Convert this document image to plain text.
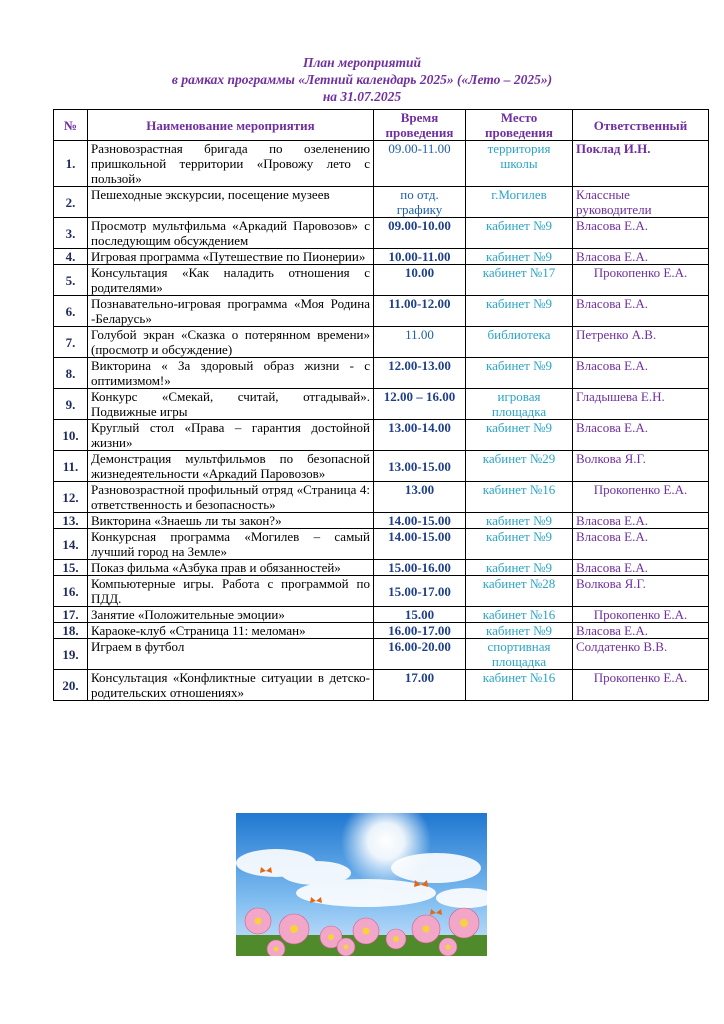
План мероприятий
в рамках программы «Летний календарь 2025» («Лето – 2025»)
на 31.07.2025
№	Наименование мероприятия	Время проведения	Место проведения	Ответственный
1.	Разновозрастная бригада по озеленению пришкольной территории «Провожу лето с пользой»	09.00-11.00	территория школы	Поклад И.Н.
2.	Пешеходные экскурсии, посещение музеев	по отд. графику	г.Могилев	Классные руководители
3.	Просмотр мультфильма «Аркадий Паровозов» с последующим обсуждением	09.00-10.00	кабинет №9	Власова Е.А.
4.	Игровая программа «Путешествие по Пионерии»	10.00-11.00	кабинет №9	Власова Е.А.
5.	Консультация «Как наладить отношения с родителями»	10.00	кабинет №17	Прокопенко Е.А.
6.	Познавательно-игровая программа «Моя Родина -Беларусь»	11.00-12.00	кабинет №9	Власова Е.А.
7.	Голубой экран «Сказка о потерянном времени» (просмотр и обсуждение)	11.00	библиотека	Петренко А.В.
8.	Викторина « За здоровый образ жизни - с оптимизмом!»	12.00-13.00	кабинет №9	Власова Е.А.
9.	Конкурс «Смекай, считай, отгадывай». Подвижные игры	12.00 – 16.00	игровая площадка	Гладышева Е.Н.
10.	Круглый стол «Права – гарантия достойной жизни»	13.00-14.00	кабинет №9	Власова Е.А.
11.	Демонстрация мультфильмов по безопасной жизнедеятельности «Аркадий Паровозов»	13.00-15.00	кабинет №29	Волкова Я.Г.
12.	Разновозрастной профильный отряд «Страница 4: ответственность и безопасность»	13.00	кабинет №16	Прокопенко Е.А.
13.	Викторина «Знаешь ли ты закон?»	14.00-15.00	кабинет №9	Власова Е.А.
14.	Конкурсная программа «Могилев – самый лучший город на Земле»	14.00-15.00	кабинет №9	Власова Е.А.
15.	Показ фильма «Азбука прав и обязанностей»	15.00-16.00	кабинет №9	Власова Е.А.
16.	Компьютерные игры. Работа с программой по ПДД.	15.00-17.00	кабинет №28	Волкова Я.Г.
17.	Занятие «Положительные эмоции»	15.00	кабинет №16	Прокопенко Е.А.
18.	Караоке-клуб «Страница 11: меломан»	16.00-17.00	кабинет №9	Власова Е.А.
19.	Играем в футбол	16.00-20.00	спортивная площадка	Солдатенко В.В.
20.	Консультация «Конфликтные ситуации в детско-родительских отношениях»	17.00	кабинет №16	Прокопенко Е.А.
